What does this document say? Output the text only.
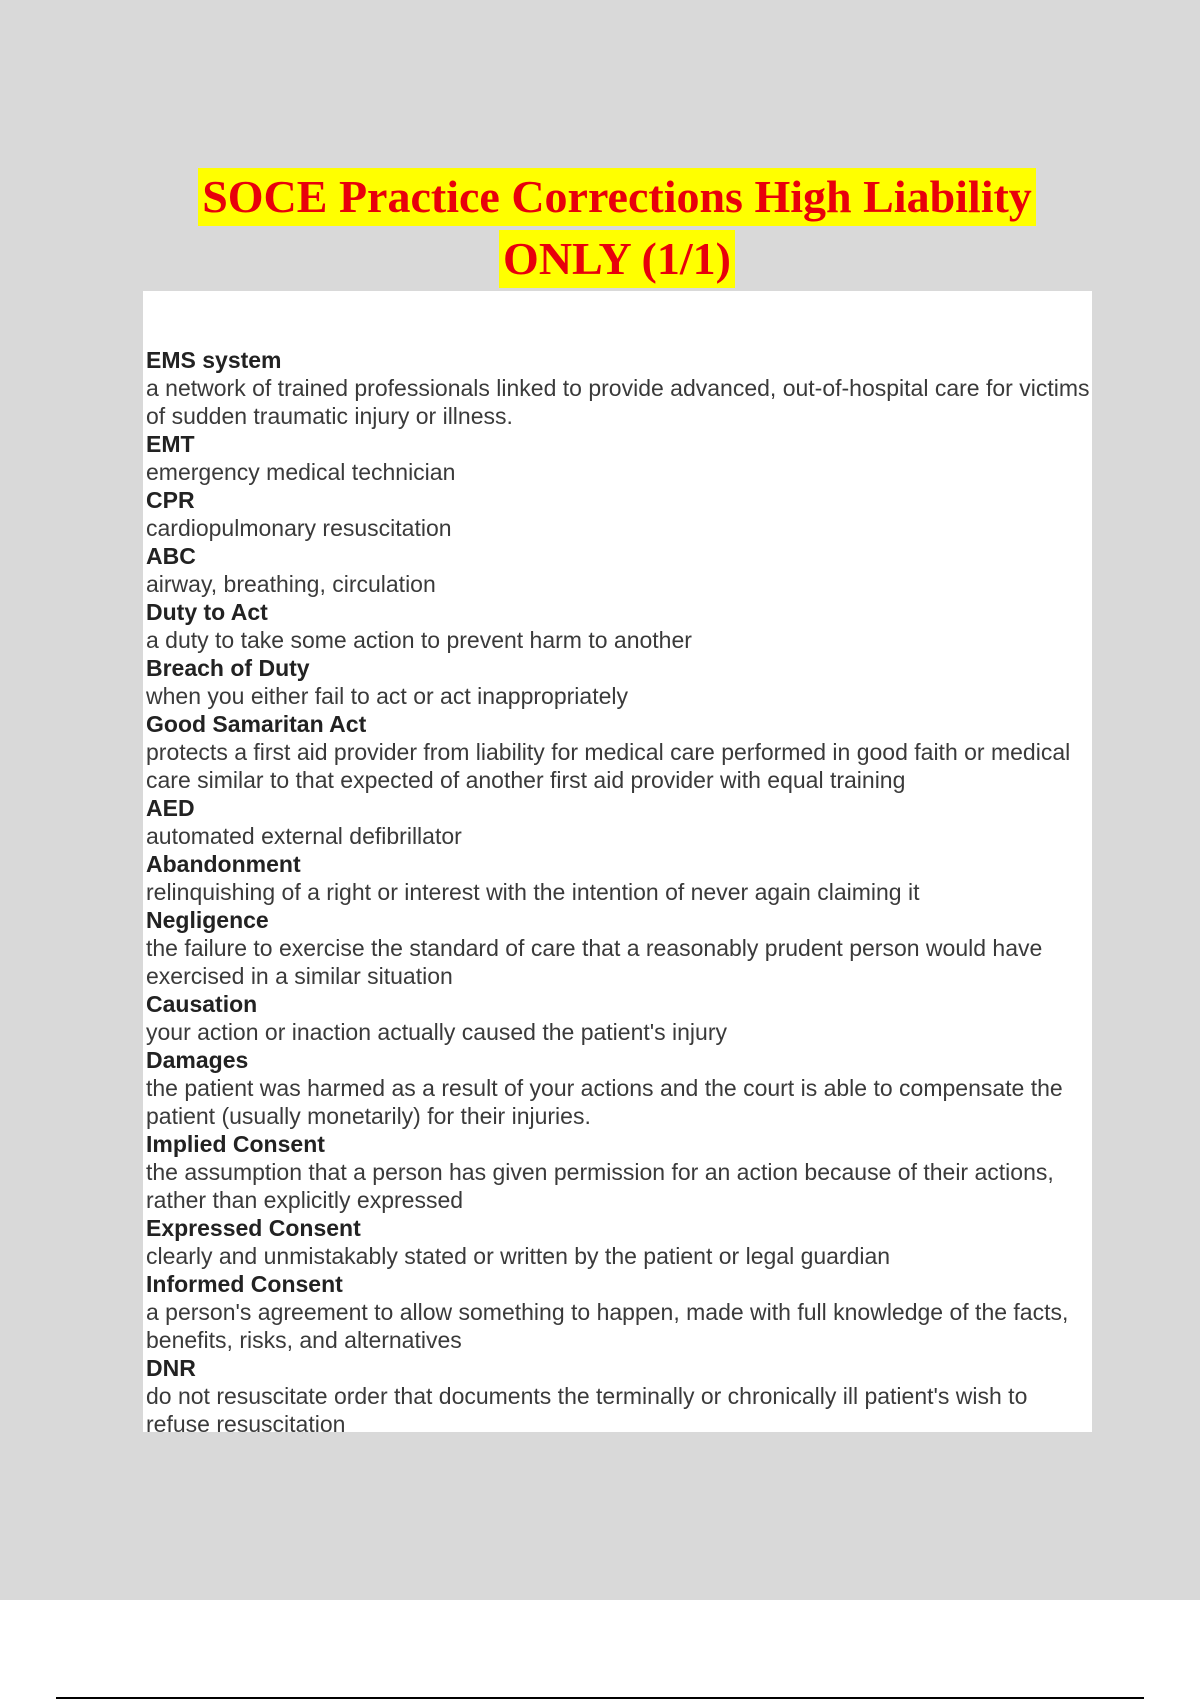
SOCE Practice Corrections High Liability
ONLY (1/1)
EMS system
a network of trained professionals linked to provide advanced, out-of-hospital care for victims of sudden traumatic injury or illness.
EMT
emergency medical technician
CPR
cardiopulmonary resuscitation
ABC
airway, breathing, circulation
Duty to Act
a duty to take some action to prevent harm to another
Breach of Duty
when you either fail to act or act inappropriately
Good Samaritan Act
protects a first aid provider from liability for medical care performed in good faith or medical care similar to that expected of another first aid provider with equal training
AED
automated external defibrillator
Abandonment
relinquishing of a right or interest with the intention of never again claiming it
Negligence
the failure to exercise the standard of care that a reasonably prudent person would have exercised in a similar situation
Causation
your action or inaction actually caused the patient's injury
Damages
the patient was harmed as a result of your actions and the court is able to compensate the patient (usually monetarily) for their injuries.
Implied Consent
the assumption that a person has given permission for an action because of their actions, rather than explicitly expressed
Expressed Consent
clearly and unmistakably stated or written by the patient or legal guardian
Informed Consent
a person's agreement to allow something to happen, made with full knowledge of the facts, benefits, risks, and alternatives
DNR
do not resuscitate order that documents the terminally or chronically ill patient's wish to refuse resuscitation
